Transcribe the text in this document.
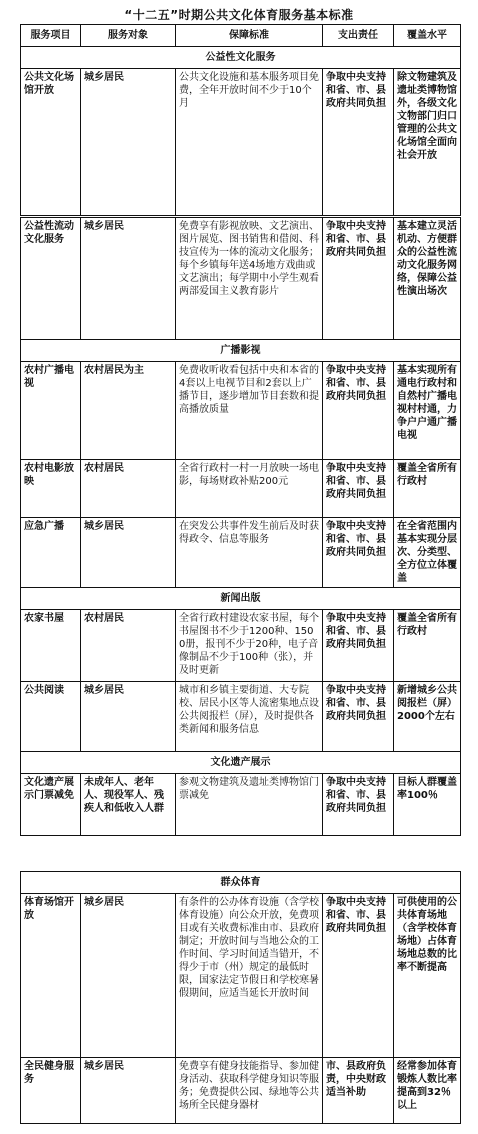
“十二五”时期公共文化体育服务基本标准
服务项目	服务对象	保障标准	支出责任	覆盖水平
公益性文化服务				
公共文化场馆开放	城乡居民	公共文化设施和基本服务项目免费，全年开放时间不少于10个月	争取中央支持和省、市、县政府共同负担	除文物建筑及遗址类博物馆外，各级文化文物部门归口管理的公共文化场馆全面向社会开放
公益性流动文化服务	城乡居民	免费享有影视放映、文艺演出、图片展览、图书销售和借阅、科技宣传为一体的流动文化服务；每个乡镇每年送4场地方戏曲或文艺演出；每学期中小学生观看两部爱国主义教育影片	争取中央支持和省、市、县政府共同负担	基本建立灵活机动、方便群众的公益性流动文化服务网络，保障公益性演出场次
广播影视				
农村广播电视	农村居民为主	免费收听收看包括中央和本省的4套以上电视节目和2套以上广播节目，逐步增加节目套数和提高播放质量	争取中央支持和省、市、县政府共同负担	基本实现所有通电行政村和自然村广播电视村村通，力争户户通广播电视
农村电影放映	农村居民	全省行政村一村一月放映一场电影，每场财政补贴200元	争取中央支持和省、市、县政府共同负担	覆盖全省所有行政村
应急广播	城乡居民	在突发公共事件发生前后及时获得政令、信息等服务	争取中央支持和省、市、县政府共同负担	在全省范围内基本实现分层次、分类型、全方位立体覆盖
新闻出版				
农家书屋	农村居民	全省行政村建设农家书屋，每个书屋图书不少于1200种、1500册，报刊不少于20种，电子音像制品不少于100种（张），并及时更新	争取中央支持和省、市、县政府共同负担	覆盖全省所有行政村
公共阅读	城乡居民	城市和乡镇主要街道、大专院校、居民小区等人流密集地点设公共阅报栏（屏），及时提供各类新闻和服务信息	争取中央支持和省、市、县政府共同负担	新增城乡公共阅报栏（屏）2000个左右
文化遗产展示				
文化遗产展示门票减免	未成年人、老年人、现役军人、残疾人和低收入人群	参观文物建筑及遗址类博物馆门票减免	争取中央支持和省、市、县政府共同负担	目标人群覆盖率100％
群众体育				
体育场馆开放	城乡居民	有条件的公办体育设施（含学校体育设施）向公众开放，免费项目或有关收费标准由市、县政府制定；开放时间与当地公众的工作时间、学习时间适当错开，不得少于市（州）规定的最低时限，国家法定节假日和学校寒暑假期间，应适当延长开放时间	争取中央支持和省、市、县政府共同负担	可供使用的公共体育场地（含学校体育场地）占体育场地总数的比率不断提高
全民健身服务	城乡居民	免费享有健身技能指导、参加健身活动、获取科学健身知识等服务；免费提供公园、绿地等公共场所全民健身器材	市、县政府负责，中央财政适当补助	经常参加体育锻炼人数比率提高到32％以上
